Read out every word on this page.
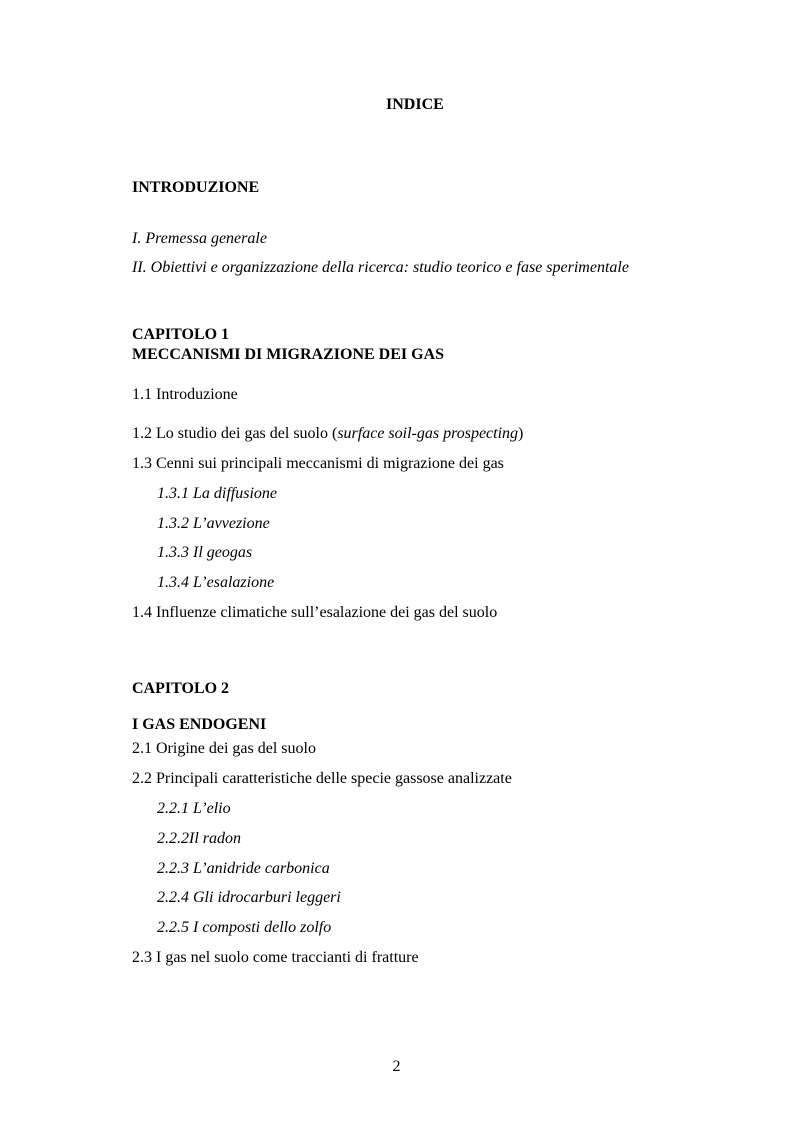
INDICE
INTRODUZIONE
I. Premessa generale
II. Obiettivi e organizzazione della ricerca: studio teorico e fase sperimentale
CAPITOLO 1
MECCANISMI DI MIGRAZIONE DEI GAS
1.1 Introduzione
1.2 Lo studio dei gas del suolo (surface soil-gas prospecting)
1.3 Cenni sui principali meccanismi di migrazione dei gas
1.3.1 La diffusione
1.3.2 L’avvezione
1.3.3 Il geogas
1.3.4 L’esalazione
1.4 Influenze climatiche sull’esalazione dei gas del suolo
CAPITOLO 2
I GAS ENDOGENI
2.1 Origine dei gas del suolo
2.2 Principali caratteristiche delle specie gassose analizzate
2.2.1 L’elio
2.2.2Il radon
2.2.3 L’anidride carbonica
2.2.4 Gli idrocarburi leggeri
2.2.5 I composti dello zolfo
2.3 I gas nel suolo come traccianti di fratture
2
